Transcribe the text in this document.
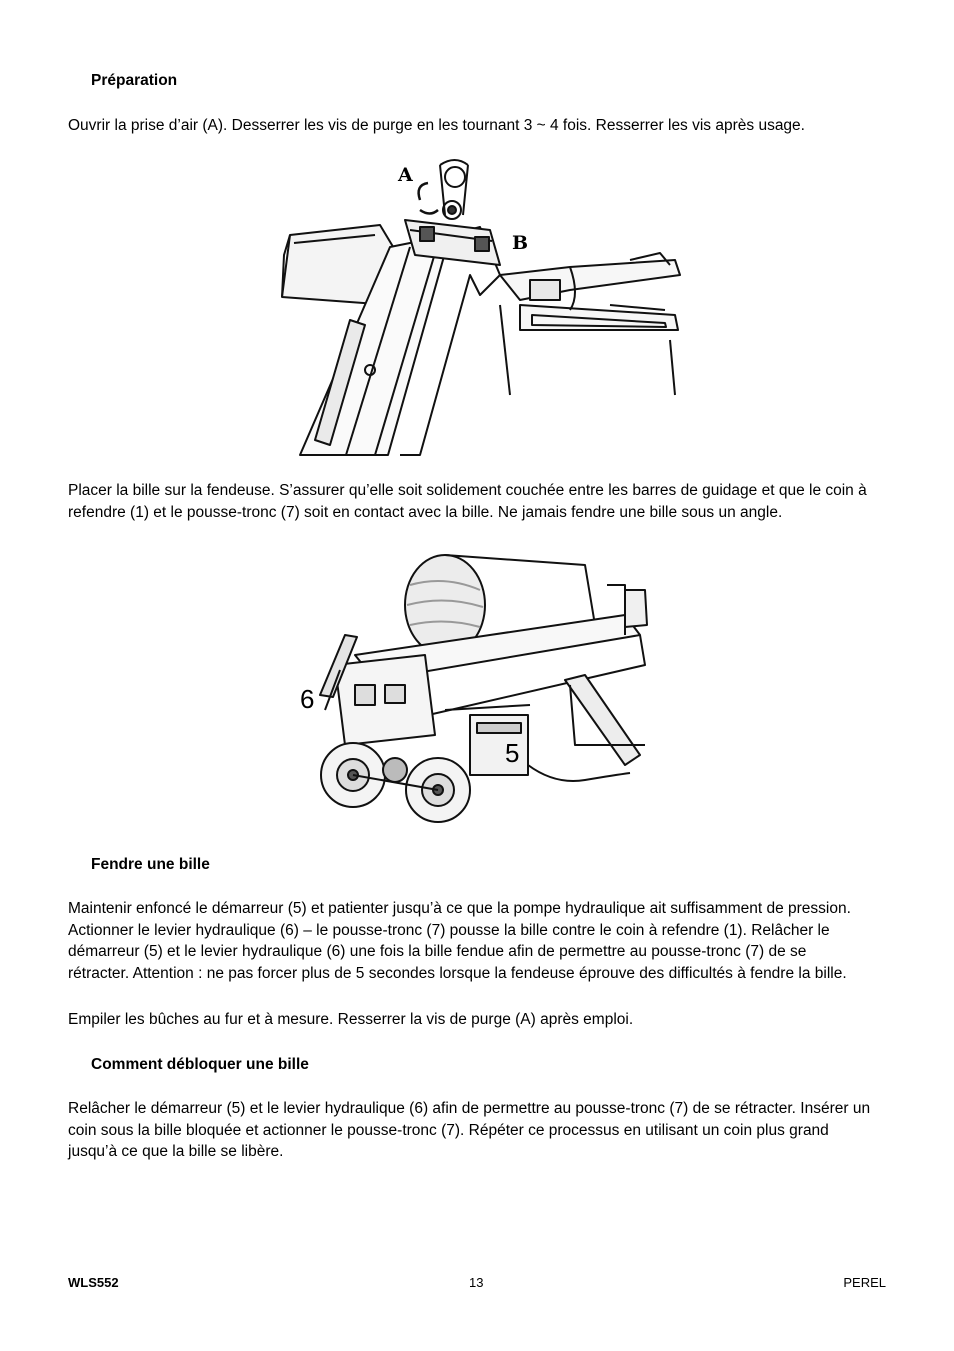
Préparation

Ouvrir la prise d’air (A). Desserrer les vis de purge en les tournant 3 ~ 4 fois. Resserrer les vis après usage.

A
B

Placer la bille sur la fendeuse. S’assurer qu’elle soit solidement couchée entre les barres de guidage et que le coin à
refendre (1) et le pousse-tronc (7) soit en contact avec la bille. Ne jamais fendre une bille sous un angle.

6
5
Fendre une bille

Maintenir enfoncé le démarreur (5) et patienter jusqu’à ce que la pompe hydraulique ait suffisamment de pression.
Actionner le levier hydraulique (6) – le pousse-tronc (7) pousse la bille contre le coin à refendre (1). Relâcher le
démarreur (5) et le levier hydraulique (6) une fois la bille fendue afin de permettre au pousse-tronc (7) de se
rétracter. Attention : ne pas forcer plus de 5 secondes lorsque la fendeuse éprouve des difficultés à fendre la bille.

Empiler les bûches au fur et à mesure. Resserrer la vis de purge (A) après emploi.

Comment débloquer une bille

Relâcher le démarreur (5) et le levier hydraulique (6) afin de permettre au pousse-tronc (7) de se rétracter. Insérer un
coin sous la bille bloquée et actionner le pousse-tronc (7). Répéter ce processus en utilisant un coin plus grand
jusqu’à ce que la bille se libère.

WLS552	13	PEREL
